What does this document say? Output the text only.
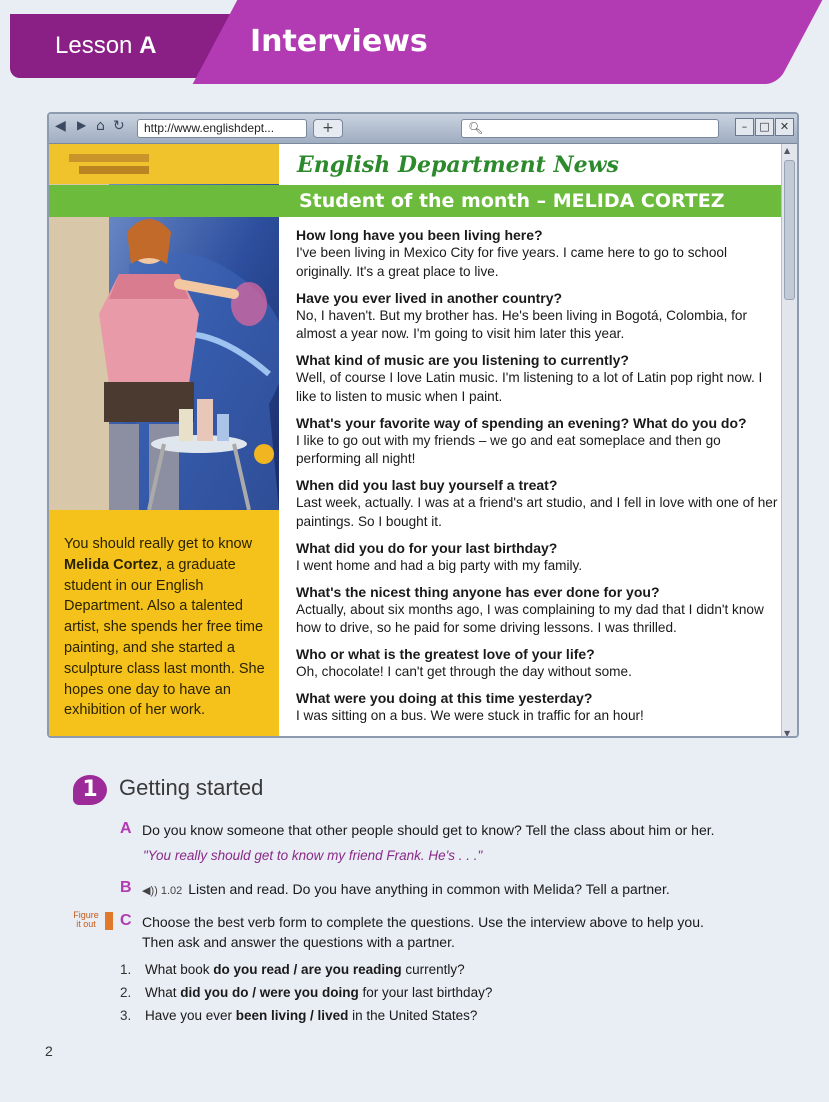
Lesson A	Interviews
◀ ▶ ⌂ ↻	http://www.englishdept...	+	🔍︎	–	□ ✕
You should really get to know
Melida Cortez, a graduate student in our English Department. Also a talented artist, she spends her free time painting, and she started a sculpture class last month. She hopes one day to have an exhibition of her work.
English Department News
Student of the month – MELIDA CORTEZ
How long have you been living here?
I've been living in Mexico City for five years. I came here to go to school originally. It's a great place to live.
Have you ever lived in another country?
No, I haven't. But my brother has. He's been living in Bogotá, Colombia, for almost a year now. I'm going to visit him later this year.
What kind of music are you listening to currently?
Well, of course I love Latin music. I'm listening to a lot of Latin pop right now. I like to listen to music when I paint.
What's your favorite way of spending an evening? What do you do?
I like to go out with my friends – we go and eat someplace and then go performing all night!
When did you last buy yourself a treat?
Last week, actually. I was at a friend's art studio, and I fell in love with one of her paintings. So I bought it.
What did you do for your last birthday?
I went home and had a big party with my family.
What's the nicest thing anyone has ever done for you?
Actually, about six months ago, I was complaining to my dad that I didn't know how to drive, so he paid for some driving lessons. I was thrilled.
Who or what is the greatest love of your life?
Oh, chocolate! I can't get through the day without some.
What were you doing at this time yesterday?
I was sitting on a bus. We were stuck in traffic for an hour!
▲
▼
1 Getting started
A Do you know someone that other people should get to know? Tell the class about him or her.
"You really should get to know my friend Frank. He's . . ."
B ◀)) 1.02 Listen and read. Do you have anything in common with Melida? Tell a partner.
Figure
it out	C Choose the best verb form to complete the questions. Use the interview above to help you.
Then ask and answer the questions with a partner.
1. What book do you read / are you reading currently?
2. What did you do / were you doing for your last birthday?
3. Have you ever been living / lived in the United States?
2
